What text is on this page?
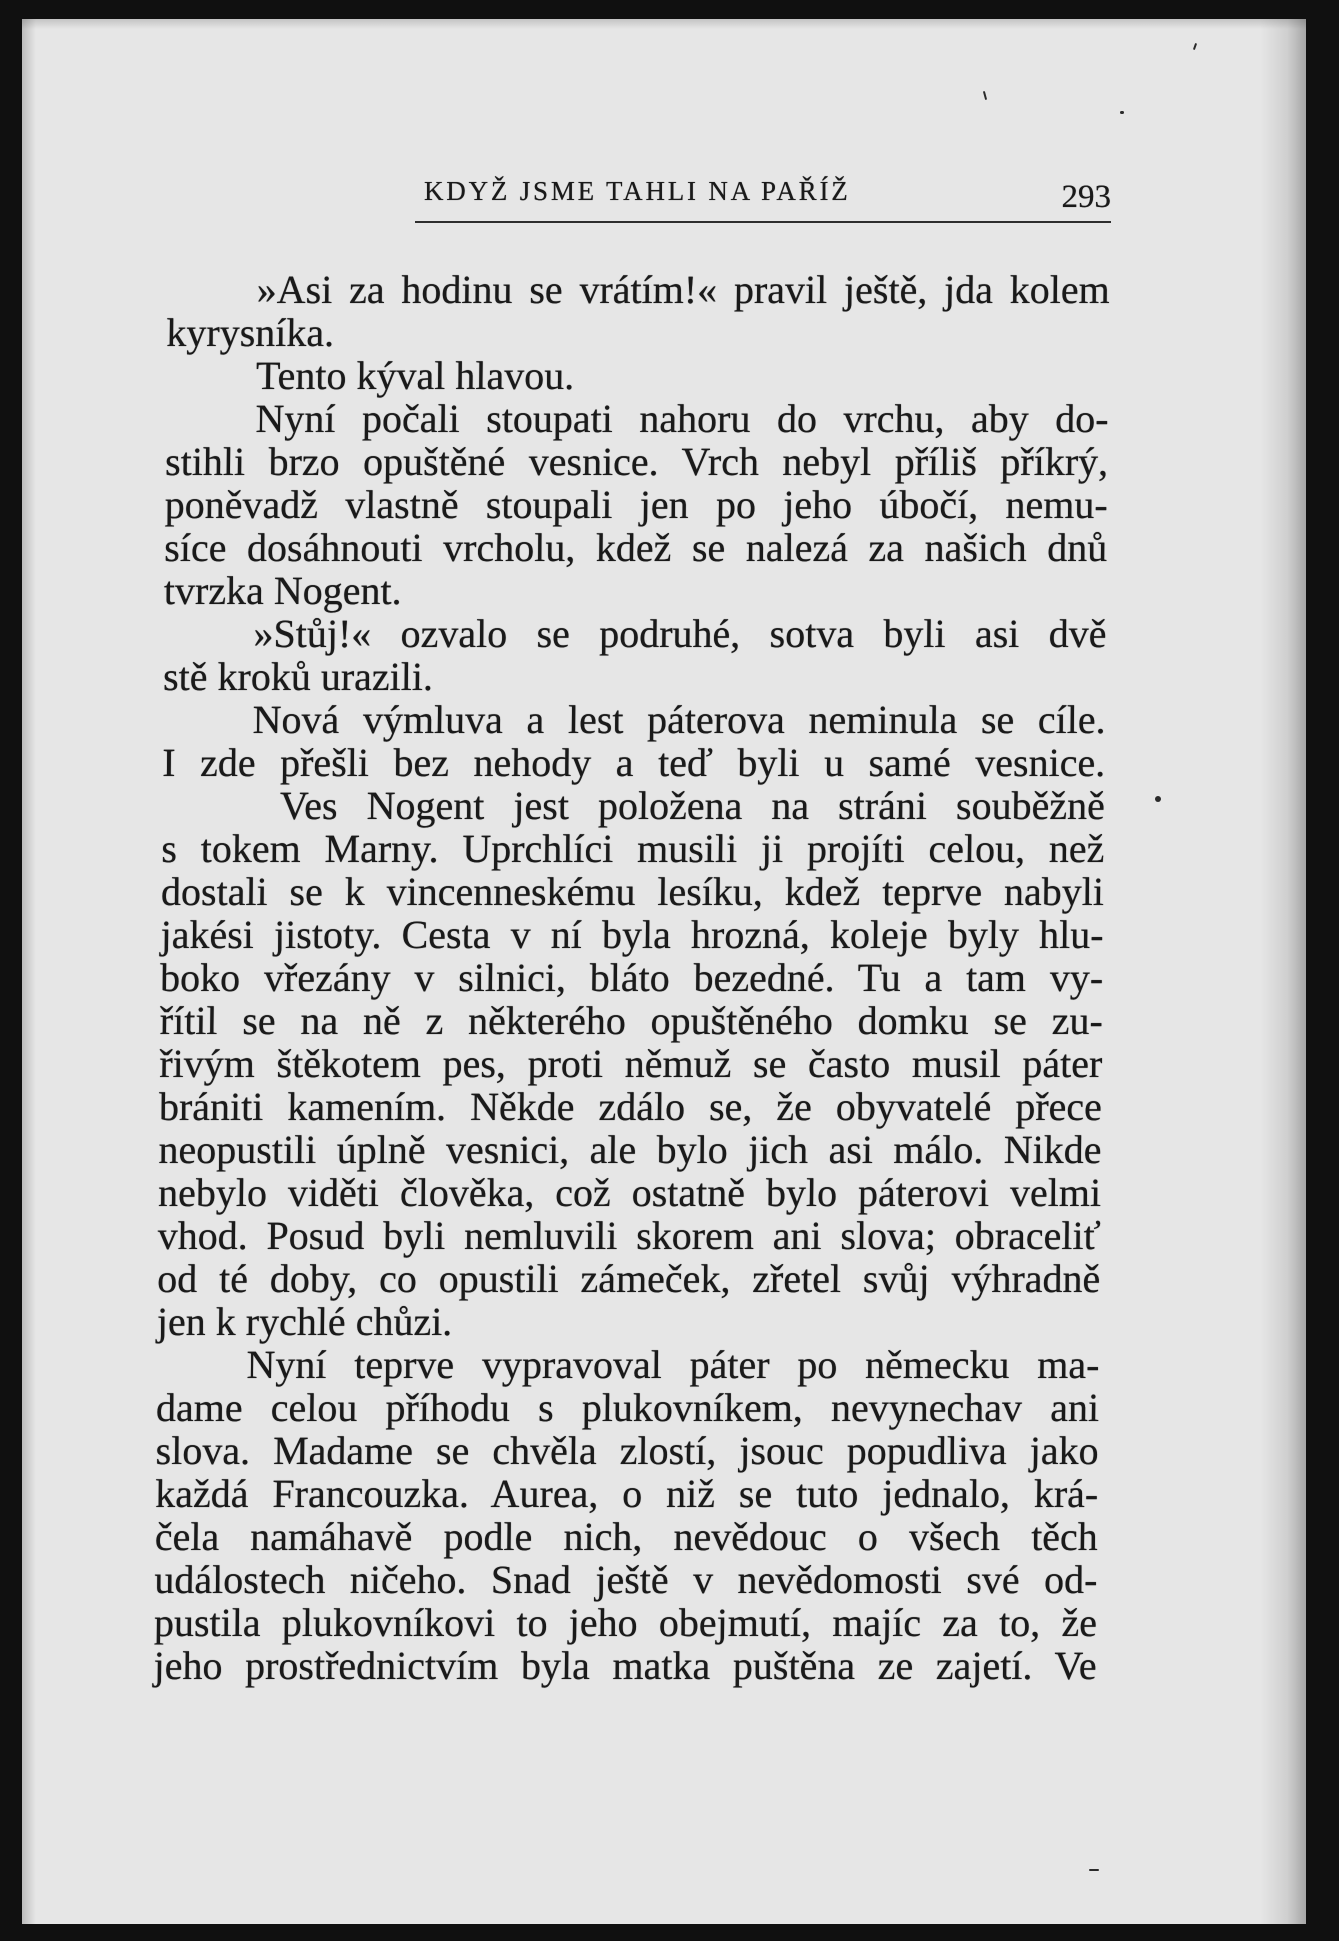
KDYŽ JSME TAHLI NA PAŘÍŽ	293
»Asi za hodinu se vrátím!« pravil ještě, jda kolem
kyrysníka.
Tento kýval hlavou.
Nyní počali stoupati nahoru do vrchu, aby do-
stihli brzo opuštěné vesnice. Vrch nebyl příliš příkrý,
poněvadž vlastně stoupali jen po jeho úbočí, nemu-
síce dosáhnouti vrcholu, kdež se nalezá za našich dnů
tvrzka Nogent.
»Stůj!« ozvalo se podruhé, sotva byli asi dvě
stě kroků urazili.
Nová výmluva a lest páterova neminula se cíle.
I zde přešli bez nehody a teď byli u samé vesnice.
Ves Nogent jest položena na stráni souběžně
s tokem Marny. Uprchlíci musili ji projíti celou, než
dostali se k vincenneskému lesíku, kdež teprve nabyli
jakési jistoty. Cesta v ní byla hrozná, koleje byly hlu-
boko vřezány v silnici, bláto bezedné. Tu a tam vy-
řítil se na ně z některého opuštěného domku se zu-
řivým štěkotem pes, proti němuž se často musil páter
brániti kamením. Někde zdálo se, že obyvatelé přece
neopustili úplně vesnici, ale bylo jich asi málo. Nikde
nebylo viděti člověka, což ostatně bylo páterovi velmi
vhod. Posud byli nemluvili skorem ani slova; obraceliť
od té doby, co opustili zámeček, zřetel svůj výhradně
jen k rychlé chůzi.
Nyní teprve vypravoval páter po německu ma-
dame celou příhodu s plukovníkem, nevynechav ani
slova. Madame se chvěla zlostí, jsouc popudliva jako
každá Francouzka. Aurea, o niž se tuto jednalo, krá-
čela namáhavě podle nich, nevědouc o všech těch
událostech ničeho. Snad ještě v nevědomosti své od-
pustila plukovníkovi to jeho obejmutí, majíc za to, že
jeho prostřednictvím byla matka puštěna ze zajetí. Ve
